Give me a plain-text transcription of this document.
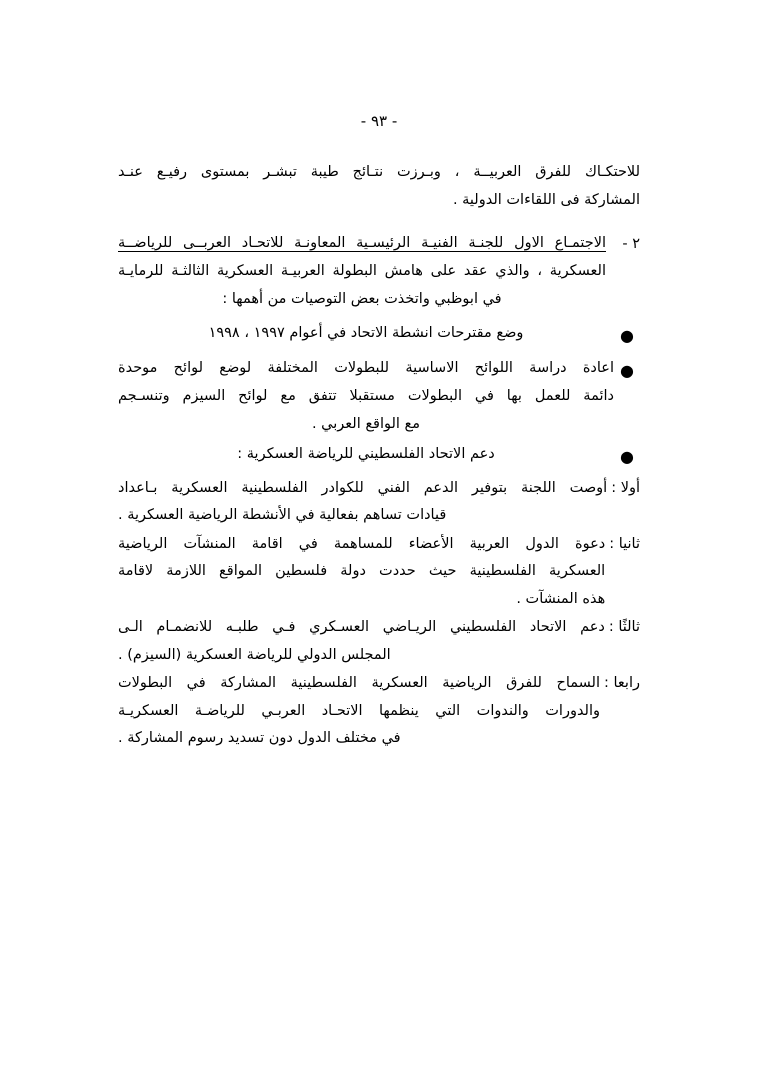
- ٩٣ -
للاحتكـاك للفرق العربيــة ، وبـرزت نتـائج طيبة تبشـر بمستوى رفيـع عنـد
المشاركة فى اللقاءات الدولية .
٢ -
الاجتمـاع الاول للجنـة الفنيـة الرئيسـية المعاونـة للاتحـاد العربــى للرياضــة
العسكرية ، والذي عقد على هامش البطولة العربيـة العسكرية الثالثـة للرمايـة
في ابوظبي واتخذت بعض التوصيات من أهمها :
●
وضع مقترحات انشطة الاتحاد في أعوام ١٩٩٧ ، ١٩٩٨
●
اعادة دراسة اللوائح الاساسية للبطولات المختلفة لوضع لوائح موحدة
دائمة للعمل بها في البطولات مستقبلا تتفق مع لوائح السيزم وتنسـجم
مع الواقع العربي .
●
دعم الاتحاد الفلسطيني للرياضة العسكرية :
أولا :
أوصت اللجنة بتوفير الدعم الفني للكوادر الفلسطينية العسكرية بـاعداد
قيادات تساهم بفعالية في الأنشطة الرياضية العسكرية .
ثانيا :
دعوة الدول العربية الأعضاء للمساهمة في اقامة المنشآت الرياضية
العسكرية الفلسطينية حيث حددت دولة فلسطين المواقع اللازمة لاقامة
هذه المنشآت .
ثالثًا :
دعم الاتحاد الفلسطيني الريـاضي العسـكري فـي طلبـه للانضمـام الـى
المجلس الدولي للرياضة العسكرية (السيزم) .
رابعا :
السماح للفرق الرياضية العسكرية الفلسطينية المشاركة في البطولات
والدورات والندوات التي ينظمها الاتحـاد العربـي للرياضـة العسكريـة
في مختلف الدول دون تسديد رسوم المشاركة .
